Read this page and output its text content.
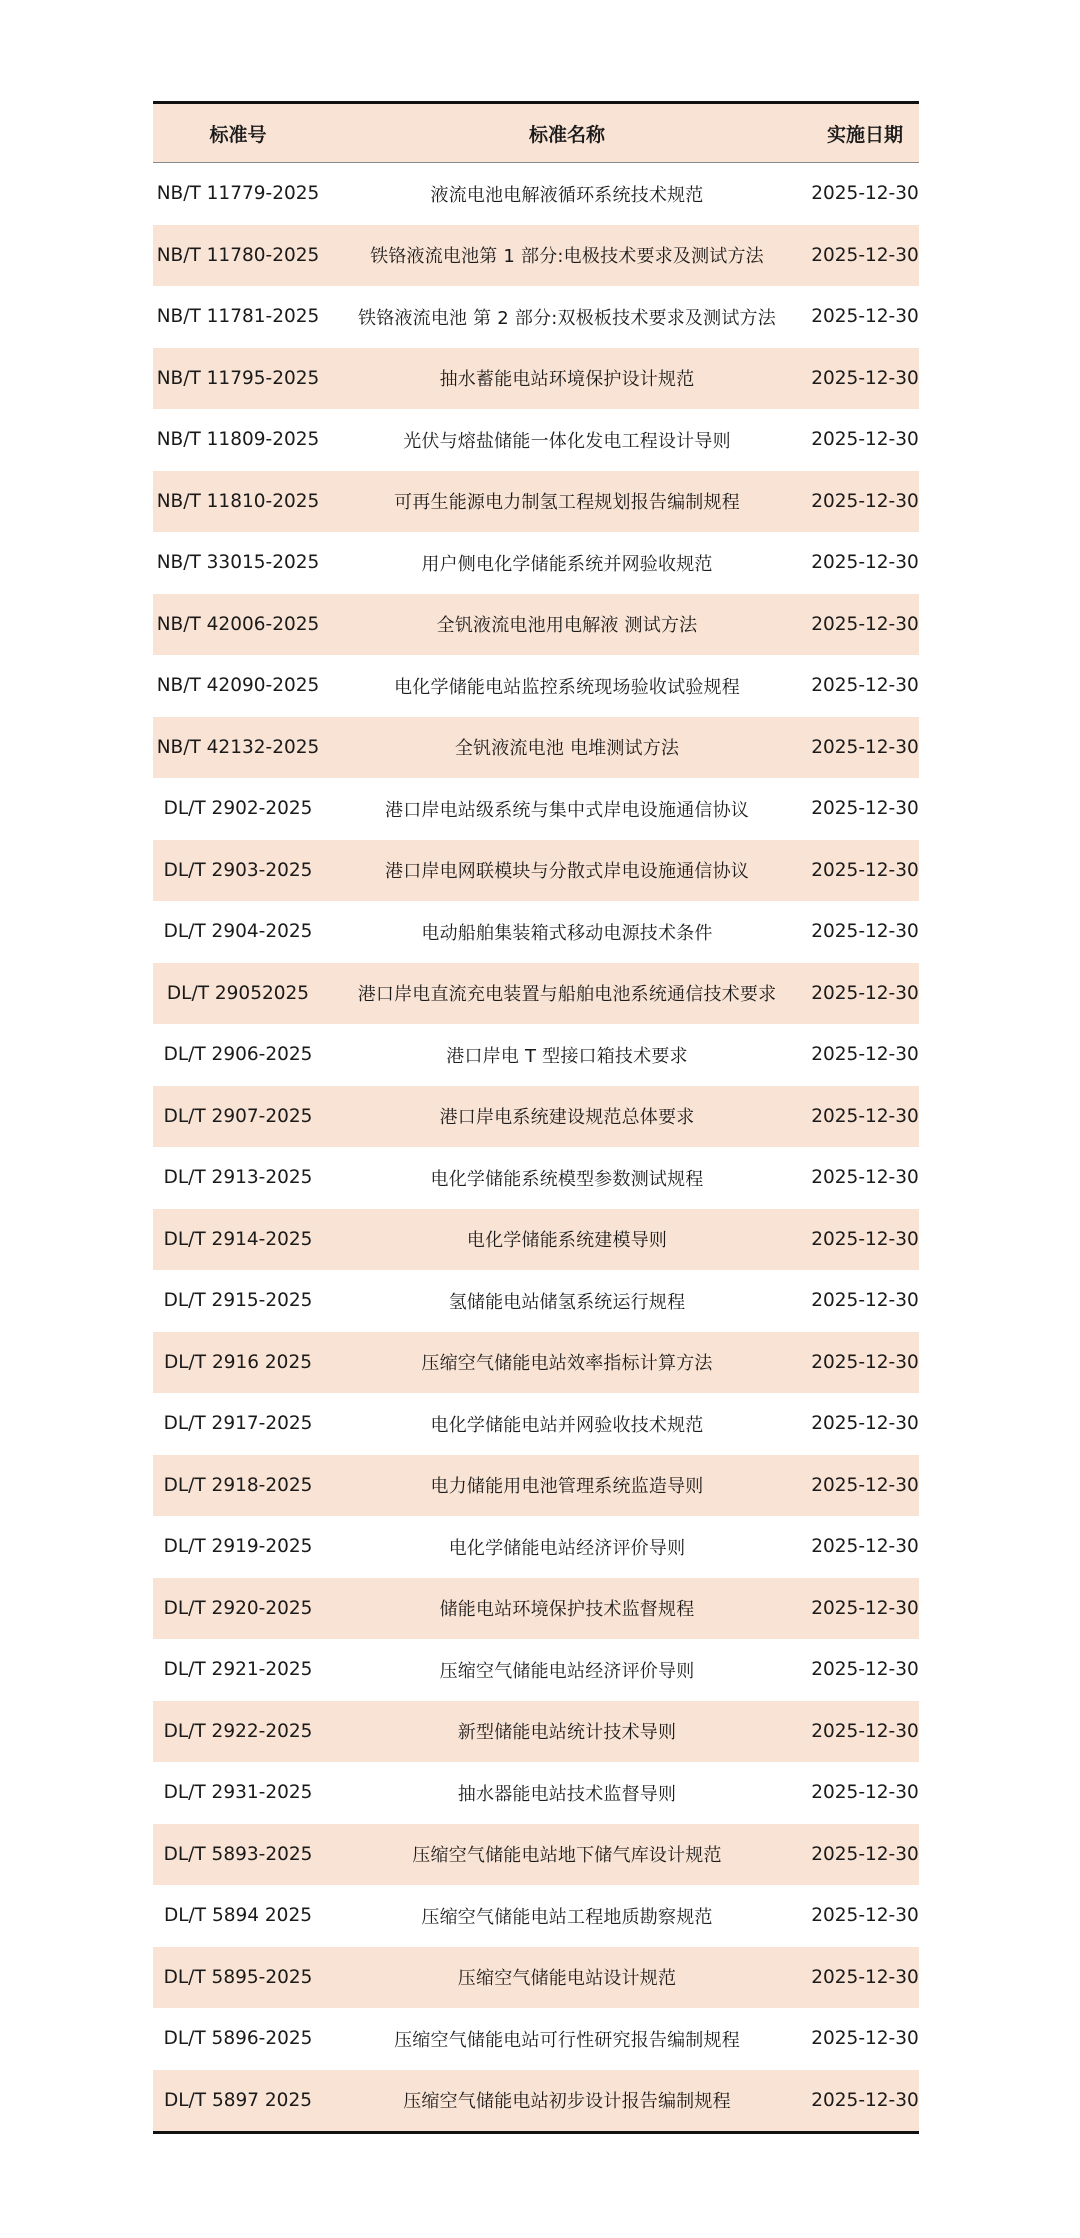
标准号	标准名称	实施日期
NB/T 11779-2025	液流电池电解液循环系统技术规范	2025-12-30
NB/T 11780-2025	铁铬液流电池第 1 部分:电极技术要求及测试方法	2025-12-30
NB/T 11781-2025	铁铬液流电池 第 2 部分:双极板技术要求及测试方法	2025-12-30
NB/T 11795-2025	抽水蓄能电站环境保护设计规范	2025-12-30
NB/T 11809-2025	光伏与熔盐储能一体化发电工程设计导则	2025-12-30
NB/T 11810-2025	可再生能源电力制氢工程规划报告编制规程	2025-12-30
NB/T 33015-2025	用户侧电化学储能系统并网验收规范	2025-12-30
NB/T 42006-2025	全钒液流电池用电解液 测试方法	2025-12-30
NB/T 42090-2025	电化学储能电站监控系统现场验收试验规程	2025-12-30
NB/T 42132-2025	全钒液流电池 电堆测试方法	2025-12-30
DL/T 2902-2025	港口岸电站级系统与集中式岸电设施通信协议	2025-12-30
DL/T 2903-2025	港口岸电网联模块与分散式岸电设施通信协议	2025-12-30
DL/T 2904-2025	电动船舶集装箱式移动电源技术条件	2025-12-30
DL/T 29052025	港口岸电直流充电装置与船舶电池系统通信技术要求	2025-12-30
DL/T 2906-2025	港口岸电 T 型接口箱技术要求	2025-12-30
DL/T 2907-2025	港口岸电系统建设规范总体要求	2025-12-30
DL/T 2913-2025	电化学储能系统模型参数测试规程	2025-12-30
DL/T 2914-2025	电化学储能系统建模导则	2025-12-30
DL/T 2915-2025	氢储能电站储氢系统运行规程	2025-12-30
DL/T 2916 2025	压缩空气储能电站效率指标计算方法	2025-12-30
DL/T 2917-2025	电化学储能电站并网验收技术规范	2025-12-30
DL/T 2918-2025	电力储能用电池管理系统监造导则	2025-12-30
DL/T 2919-2025	电化学储能电站经济评价导则	2025-12-30
DL/T 2920-2025	储能电站环境保护技术监督规程	2025-12-30
DL/T 2921-2025	压缩空气储能电站经济评价导则	2025-12-30
DL/T 2922-2025	新型储能电站统计技术导则	2025-12-30
DL/T 2931-2025	抽水器能电站技术监督导则	2025-12-30
DL/T 5893-2025	压缩空气储能电站地下储气库设计规范	2025-12-30
DL/T 5894 2025	压缩空气储能电站工程地质勘察规范	2025-12-30
DL/T 5895-2025	压缩空气储能电站设计规范	2025-12-30
DL/T 5896-2025	压缩空气储能电站可行性研究报告编制规程	2025-12-30
DL/T 5897 2025	压缩空气储能电站初步设计报告编制规程	2025-12-30
